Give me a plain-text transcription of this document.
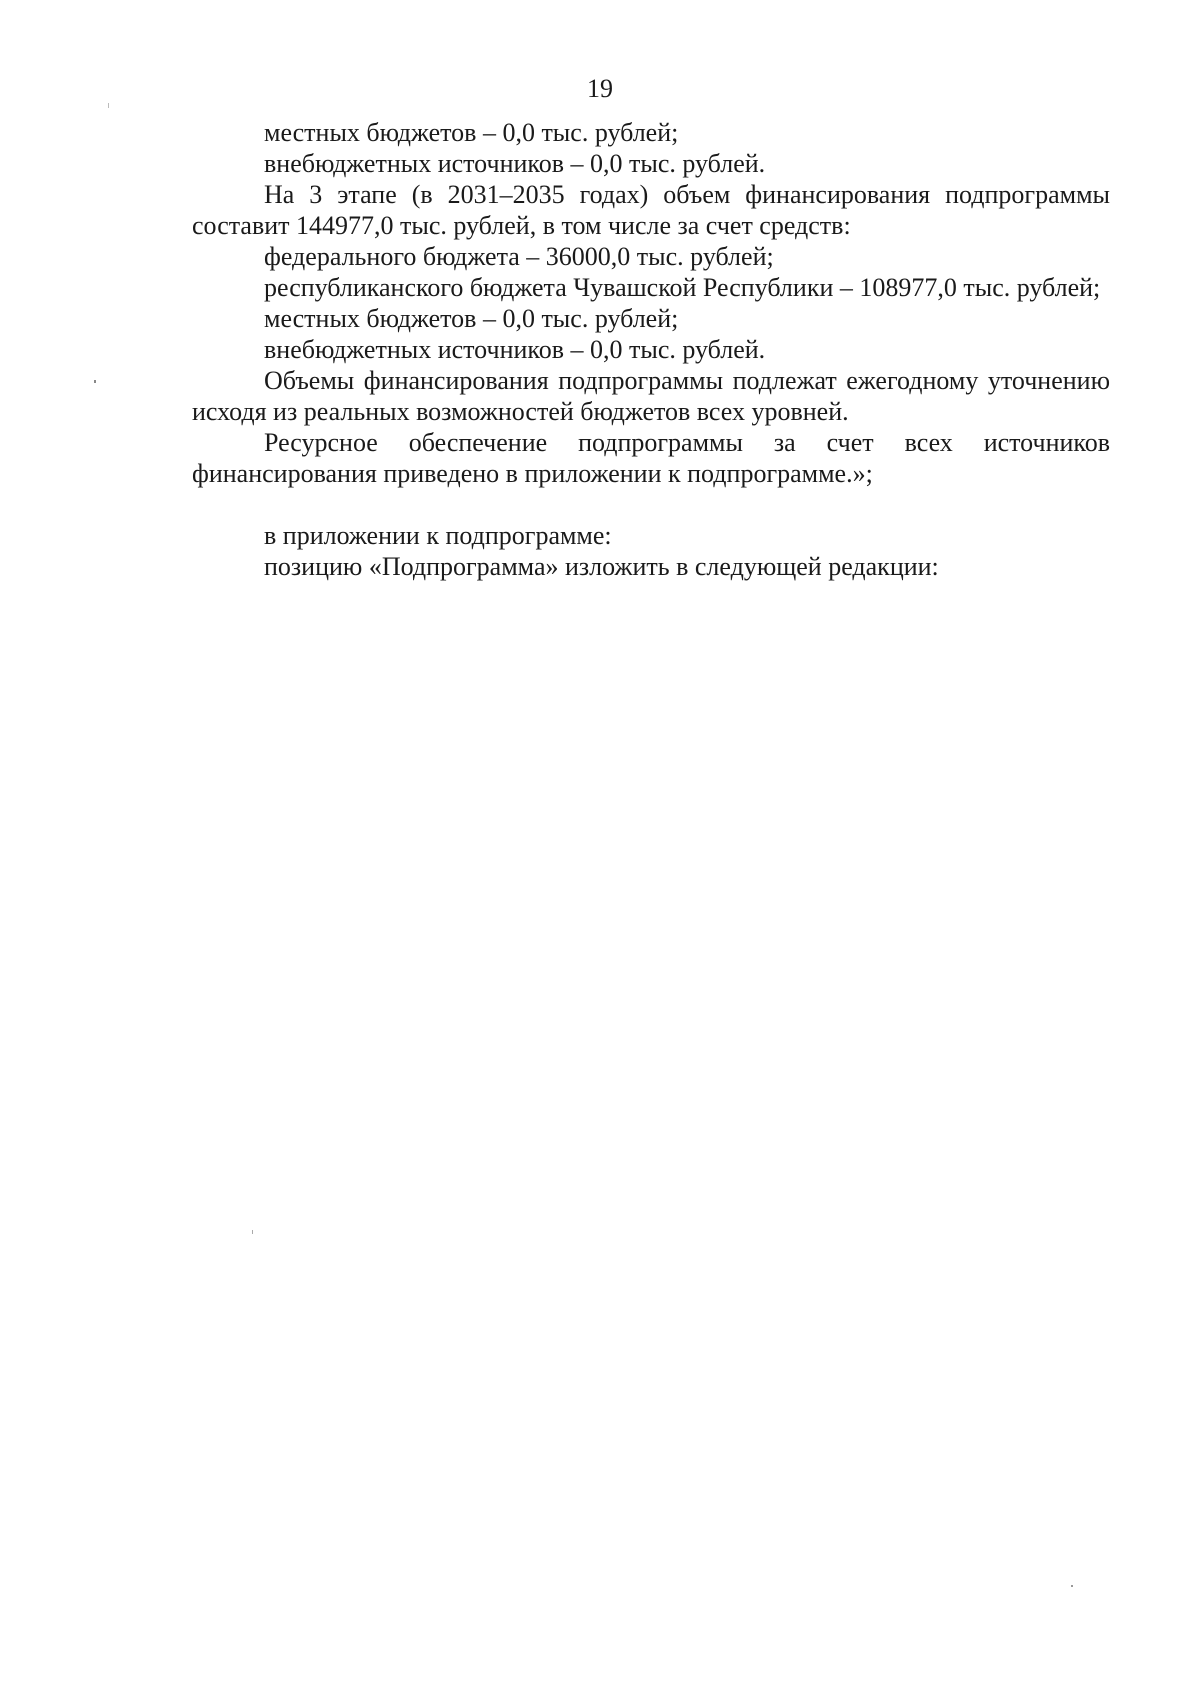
19

местных бюджетов – 0,0 тыс. рублей;

внебюджетных источников – 0,0 тыс. рублей.

На 3 этапе (в 2031–2035 годах) объем финансирования подпрограммы составит 144977,0 тыс. рублей, в том числе за счет средств:

федерального бюджета – 36000,0 тыс. рублей;

республиканского бюджета Чувашской Республики – 108977,0 тыс. рублей;

местных бюджетов – 0,0 тыс. рублей;

внебюджетных источников – 0,0 тыс. рублей.

Объемы финансирования подпрограммы подлежат ежегодному уточнению исходя из реальных возможностей бюджетов всех уровней.

Ресурсное обеспечение подпрограммы за счет всех источников финансирования приведено в приложении к подпрограмме.»;

в приложении к подпрограмме:

позицию «Подпрограмма» изложить в следующей редакции:
